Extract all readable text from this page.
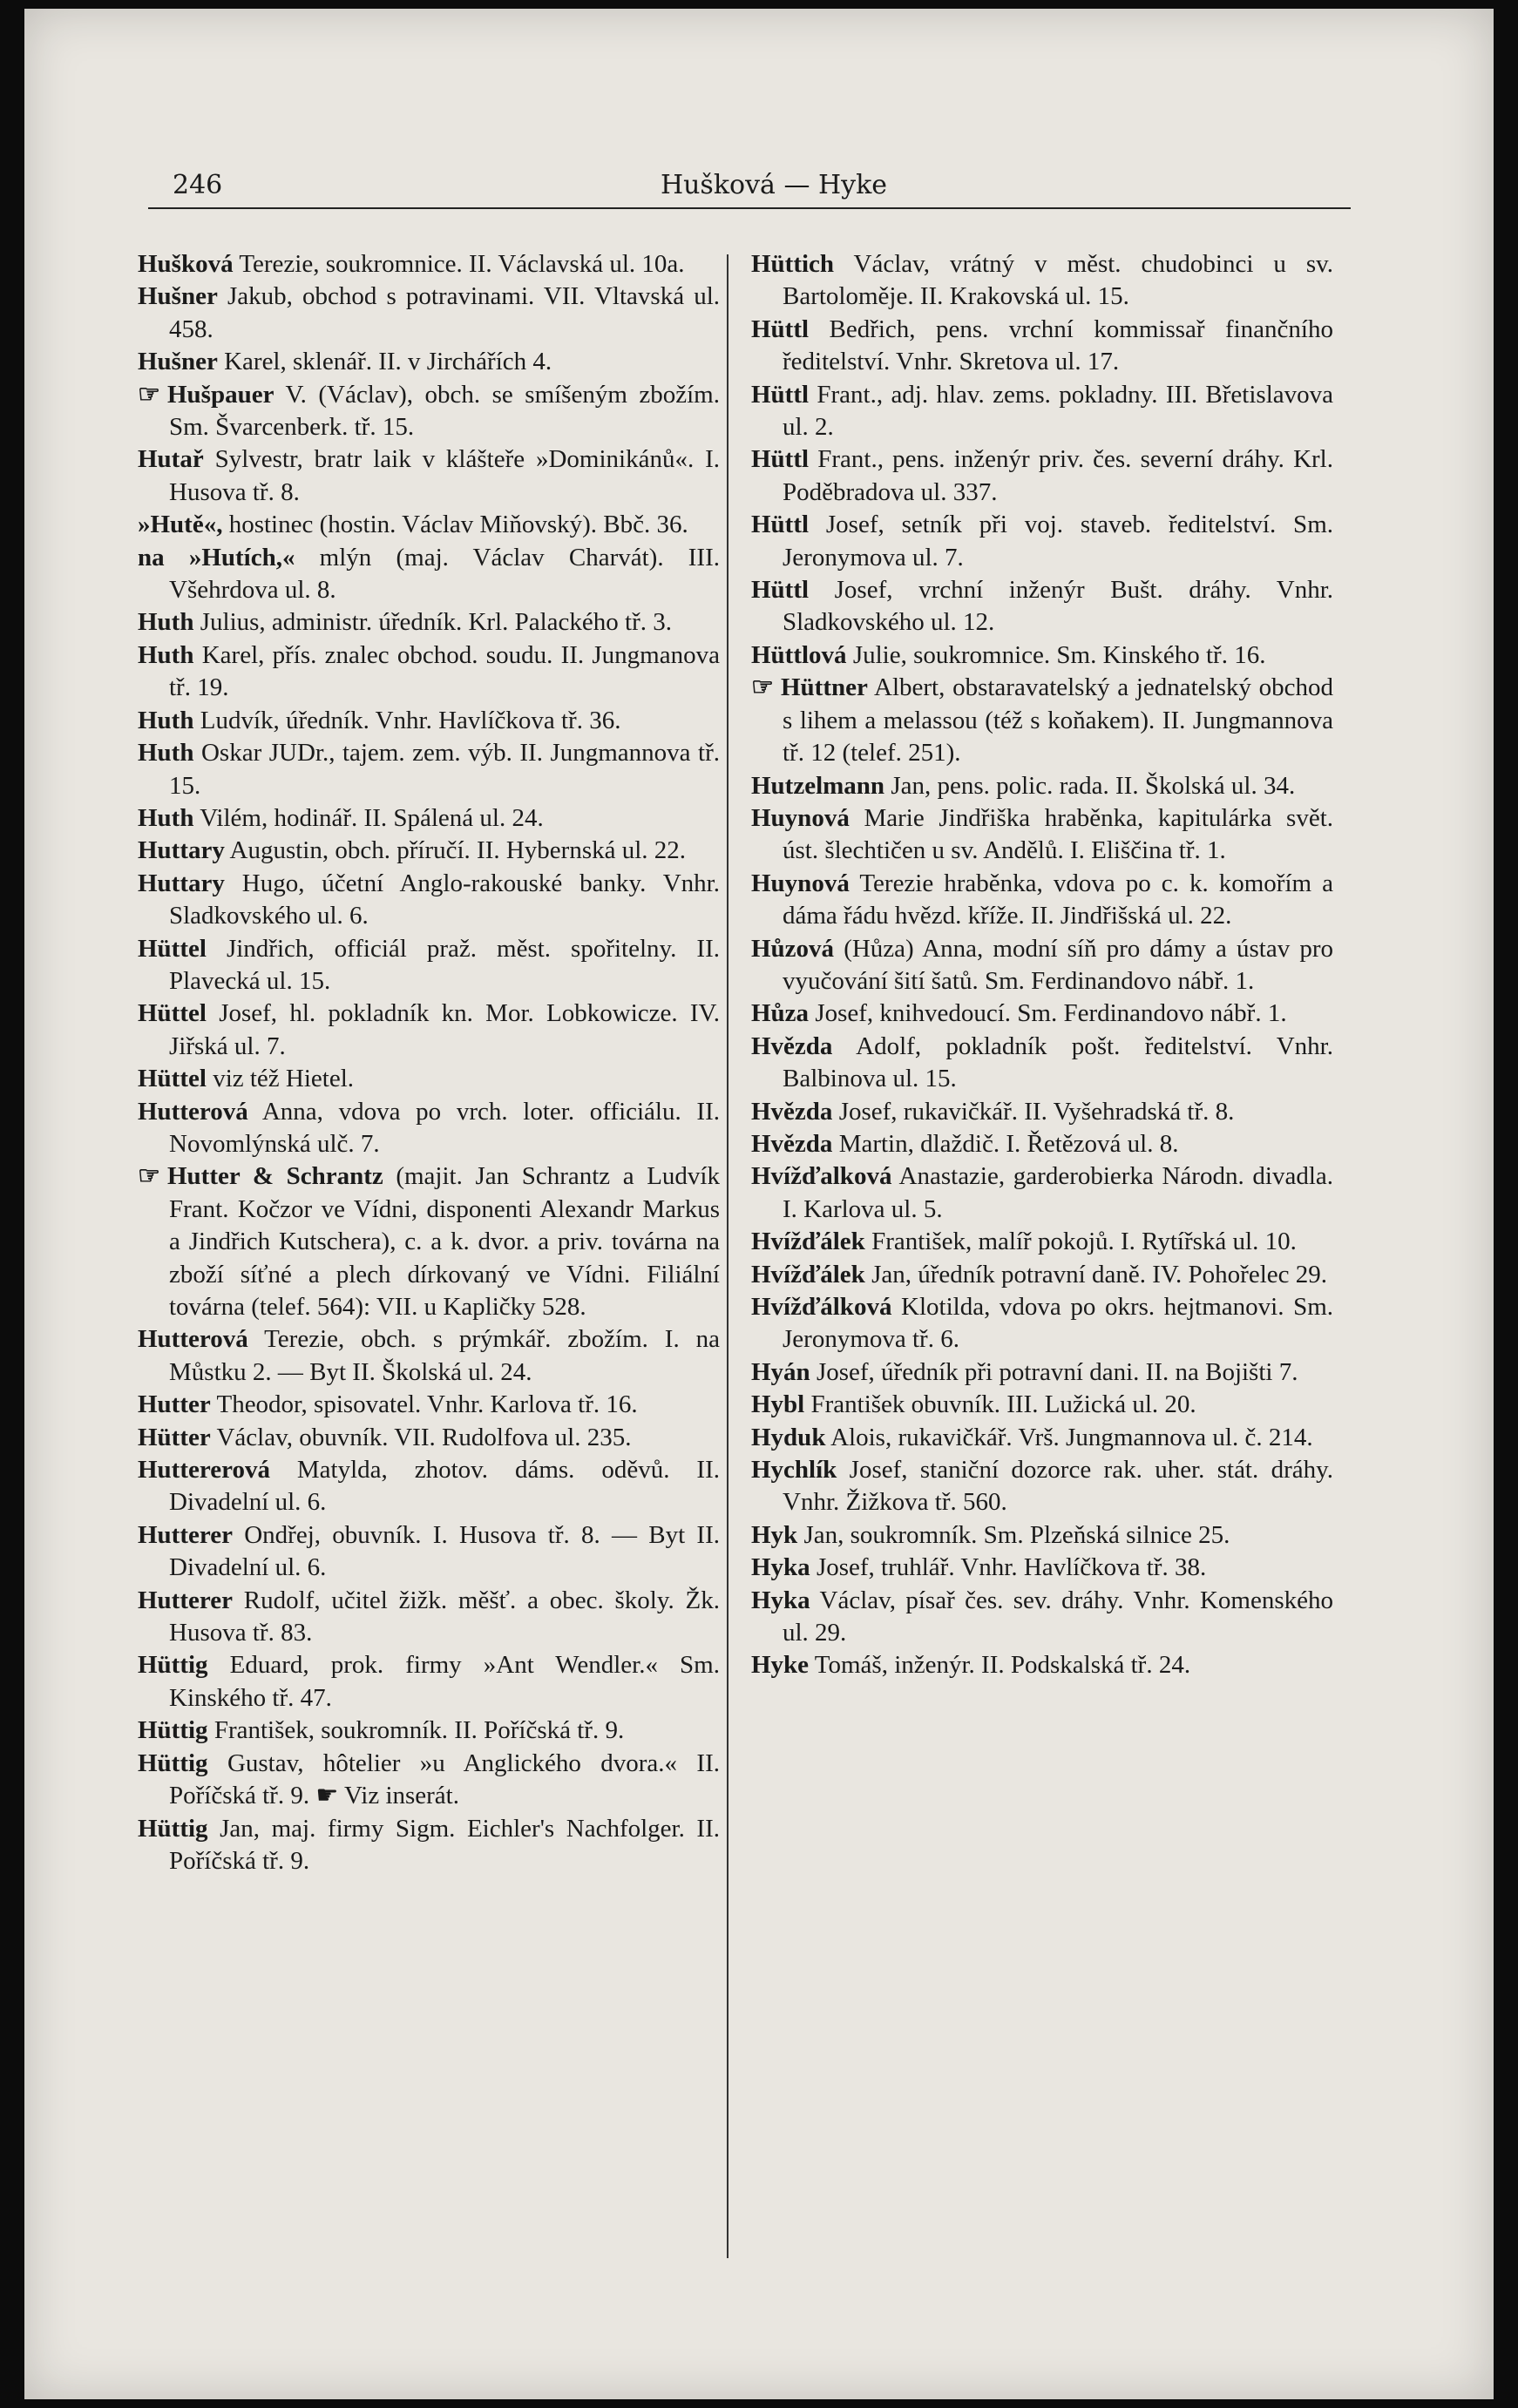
246	Hušková — Hyke
Hušková Terezie, soukromnice. II. Václavská ul. 10a.
Hušner Jakub, obchod s potravinami. VII. Vltavská ul. 458.
Hušner Karel, sklenář. II. v Jirchářích 4.
☞ Hušpauer V. (Václav), obch. se smíšeným zbožím. Sm. Švarcenberk. tř. 15.
Hutař Sylvestr, bratr laik v klášteře »Dominikánů«. I. Husova tř. 8.
»Hutě«, hostinec (hostin. Václav Miňovský). Bbč. 36.
na »Hutích,« mlýn (maj. Václav Charvát). III. Všehrdova ul. 8.
Huth Julius, administr. úředník. Krl. Palackého tř. 3.
Huth Karel, přís. znalec obchod. soudu. II. Jungmanova tř. 19.
Huth Ludvík, úředník. Vnhr. Havlíčkova tř. 36.
Huth Oskar JUDr., tajem. zem. výb. II. Jungmannova tř. 15.
Huth Vilém, hodinář. II. Spálená ul. 24.
Huttary Augustin, obch. příručí. II. Hybernská ul. 22.
Huttary Hugo, účetní Anglo-rakouské banky. Vnhr. Sladkovského ul. 6.
Hüttel Jindřich, officiál praž. měst. spořitelny. II. Plavecká ul. 15.
Hüttel Josef, hl. pokladník kn. Mor. Lobkowicze. IV. Jiřská ul. 7.
Hüttel viz též Hietel.
Hutterová Anna, vdova po vrch. loter. officiálu. II. Novomlýnská ulč. 7.
☞ Hutter & Schrantz (majit. Jan Schrantz a Ludvík Frant. Kočzor ve Vídni, disponenti Alexandr Markus a Jindřich Kutschera), c. a k. dvor. a priv. továrna na zboží síťné a plech dírkovaný ve Vídni. Filiální továrna (telef. 564): VII. u Kapličky 528.
Hutterová Terezie, obch. s prýmkář. zbožím. I. na Můstku 2. — Byt II. Školská ul. 24.
Hutter Theodor, spisovatel. Vnhr. Karlova tř. 16.
Hütter Václav, obuvník. VII. Rudolfova ul. 235.
Huttererová Matylda, zhotov. dáms. oděvů. II. Divadelní ul. 6.
Hutterer Ondřej, obuvník. I. Husova tř. 8. — Byt II. Divadelní ul. 6.
Hutterer Rudolf, učitel žižk. měšť. a obec. školy. Žk. Husova tř. 83.
Hüttig Eduard, prok. firmy »Ant Wendler.« Sm. Kinského tř. 47.
Hüttig František, soukromník. II. Poříčská tř. 9.
Hüttig Gustav, hôtelier »u Anglického dvora.« II. Poříčská tř. 9. ☛ Viz inserát.
Hüttig Jan, maj. firmy Sigm. Eichler's Nachfolger. II. Poříčská tř. 9.
Hüttich Václav, vrátný v měst. chudobinci u sv. Bartoloměje. II. Krakovská ul. 15.
Hüttl Bedřich, pens. vrchní kommissař finančního ředitelství. Vnhr. Skretova ul. 17.
Hüttl Frant., adj. hlav. zems. pokladny. III. Břetislavova ul. 2.
Hüttl Frant., pens. inženýr priv. čes. severní dráhy. Krl. Poděbradova ul. 337.
Hüttl Josef, setník při voj. staveb. ředitelství. Sm. Jeronymova ul. 7.
Hüttl Josef, vrchní inženýr Bušt. dráhy. Vnhr. Sladkovského ul. 12.
Hüttlová Julie, soukromnice. Sm. Kinského tř. 16.
☞ Hüttner Albert, obstaravatelský a jednatelský obchod s lihem a melassou (též s koňakem). II. Jungmannova tř. 12 (telef. 251).
Hutzelmann Jan, pens. polic. rada. II. Školská ul. 34.
Huynová Marie Jindřiška hraběnka, kapitulárka svět. úst. šlechtičen u sv. Andělů. I. Eliščina tř. 1.
Huynová Terezie hraběnka, vdova po c. k. komořím a dáma řádu hvězd. kříže. II. Jindřišská ul. 22.
Hůzová (Hůza) Anna, modní síň pro dámy a ústav pro vyučování šití šatů. Sm. Ferdinandovo nábř. 1.
Hůza Josef, knihvedoucí. Sm. Ferdinandovo nábř. 1.
Hvězda Adolf, pokladník pošt. ředitelství. Vnhr. Balbinova ul. 15.
Hvězda Josef, rukavičkář. II. Vyšehradská tř. 8.
Hvězda Martin, dlaždič. I. Řetězová ul. 8.
Hvížďalková Anastazie, garderobierka Národn. divadla. I. Karlova ul. 5.
Hvížďálek František, malíř pokojů. I. Rytířská ul. 10.
Hvížďálek Jan, úředník potravní daně. IV. Pohořelec 29.
Hvížďálková Klotilda, vdova po okrs. hejtmanovi. Sm. Jeronymova tř. 6.
Hyán Josef, úředník při potravní dani. II. na Bojišti 7.
Hybl František obuvník. III. Lužická ul. 20.
Hyduk Alois, rukavičkář. Vrš. Jungmannova ul. č. 214.
Hychlík Josef, staniční dozorce rak. uher. stát. dráhy. Vnhr. Žižkova tř. 560.
Hyk Jan, soukromník. Sm. Plzeňská silnice 25.
Hyka Josef, truhlář. Vnhr. Havlíčkova tř. 38.
Hyka Václav, písař čes. sev. dráhy. Vnhr. Komenského ul. 29.
Hyke Tomáš, inženýr. II. Podskalská tř. 24.
